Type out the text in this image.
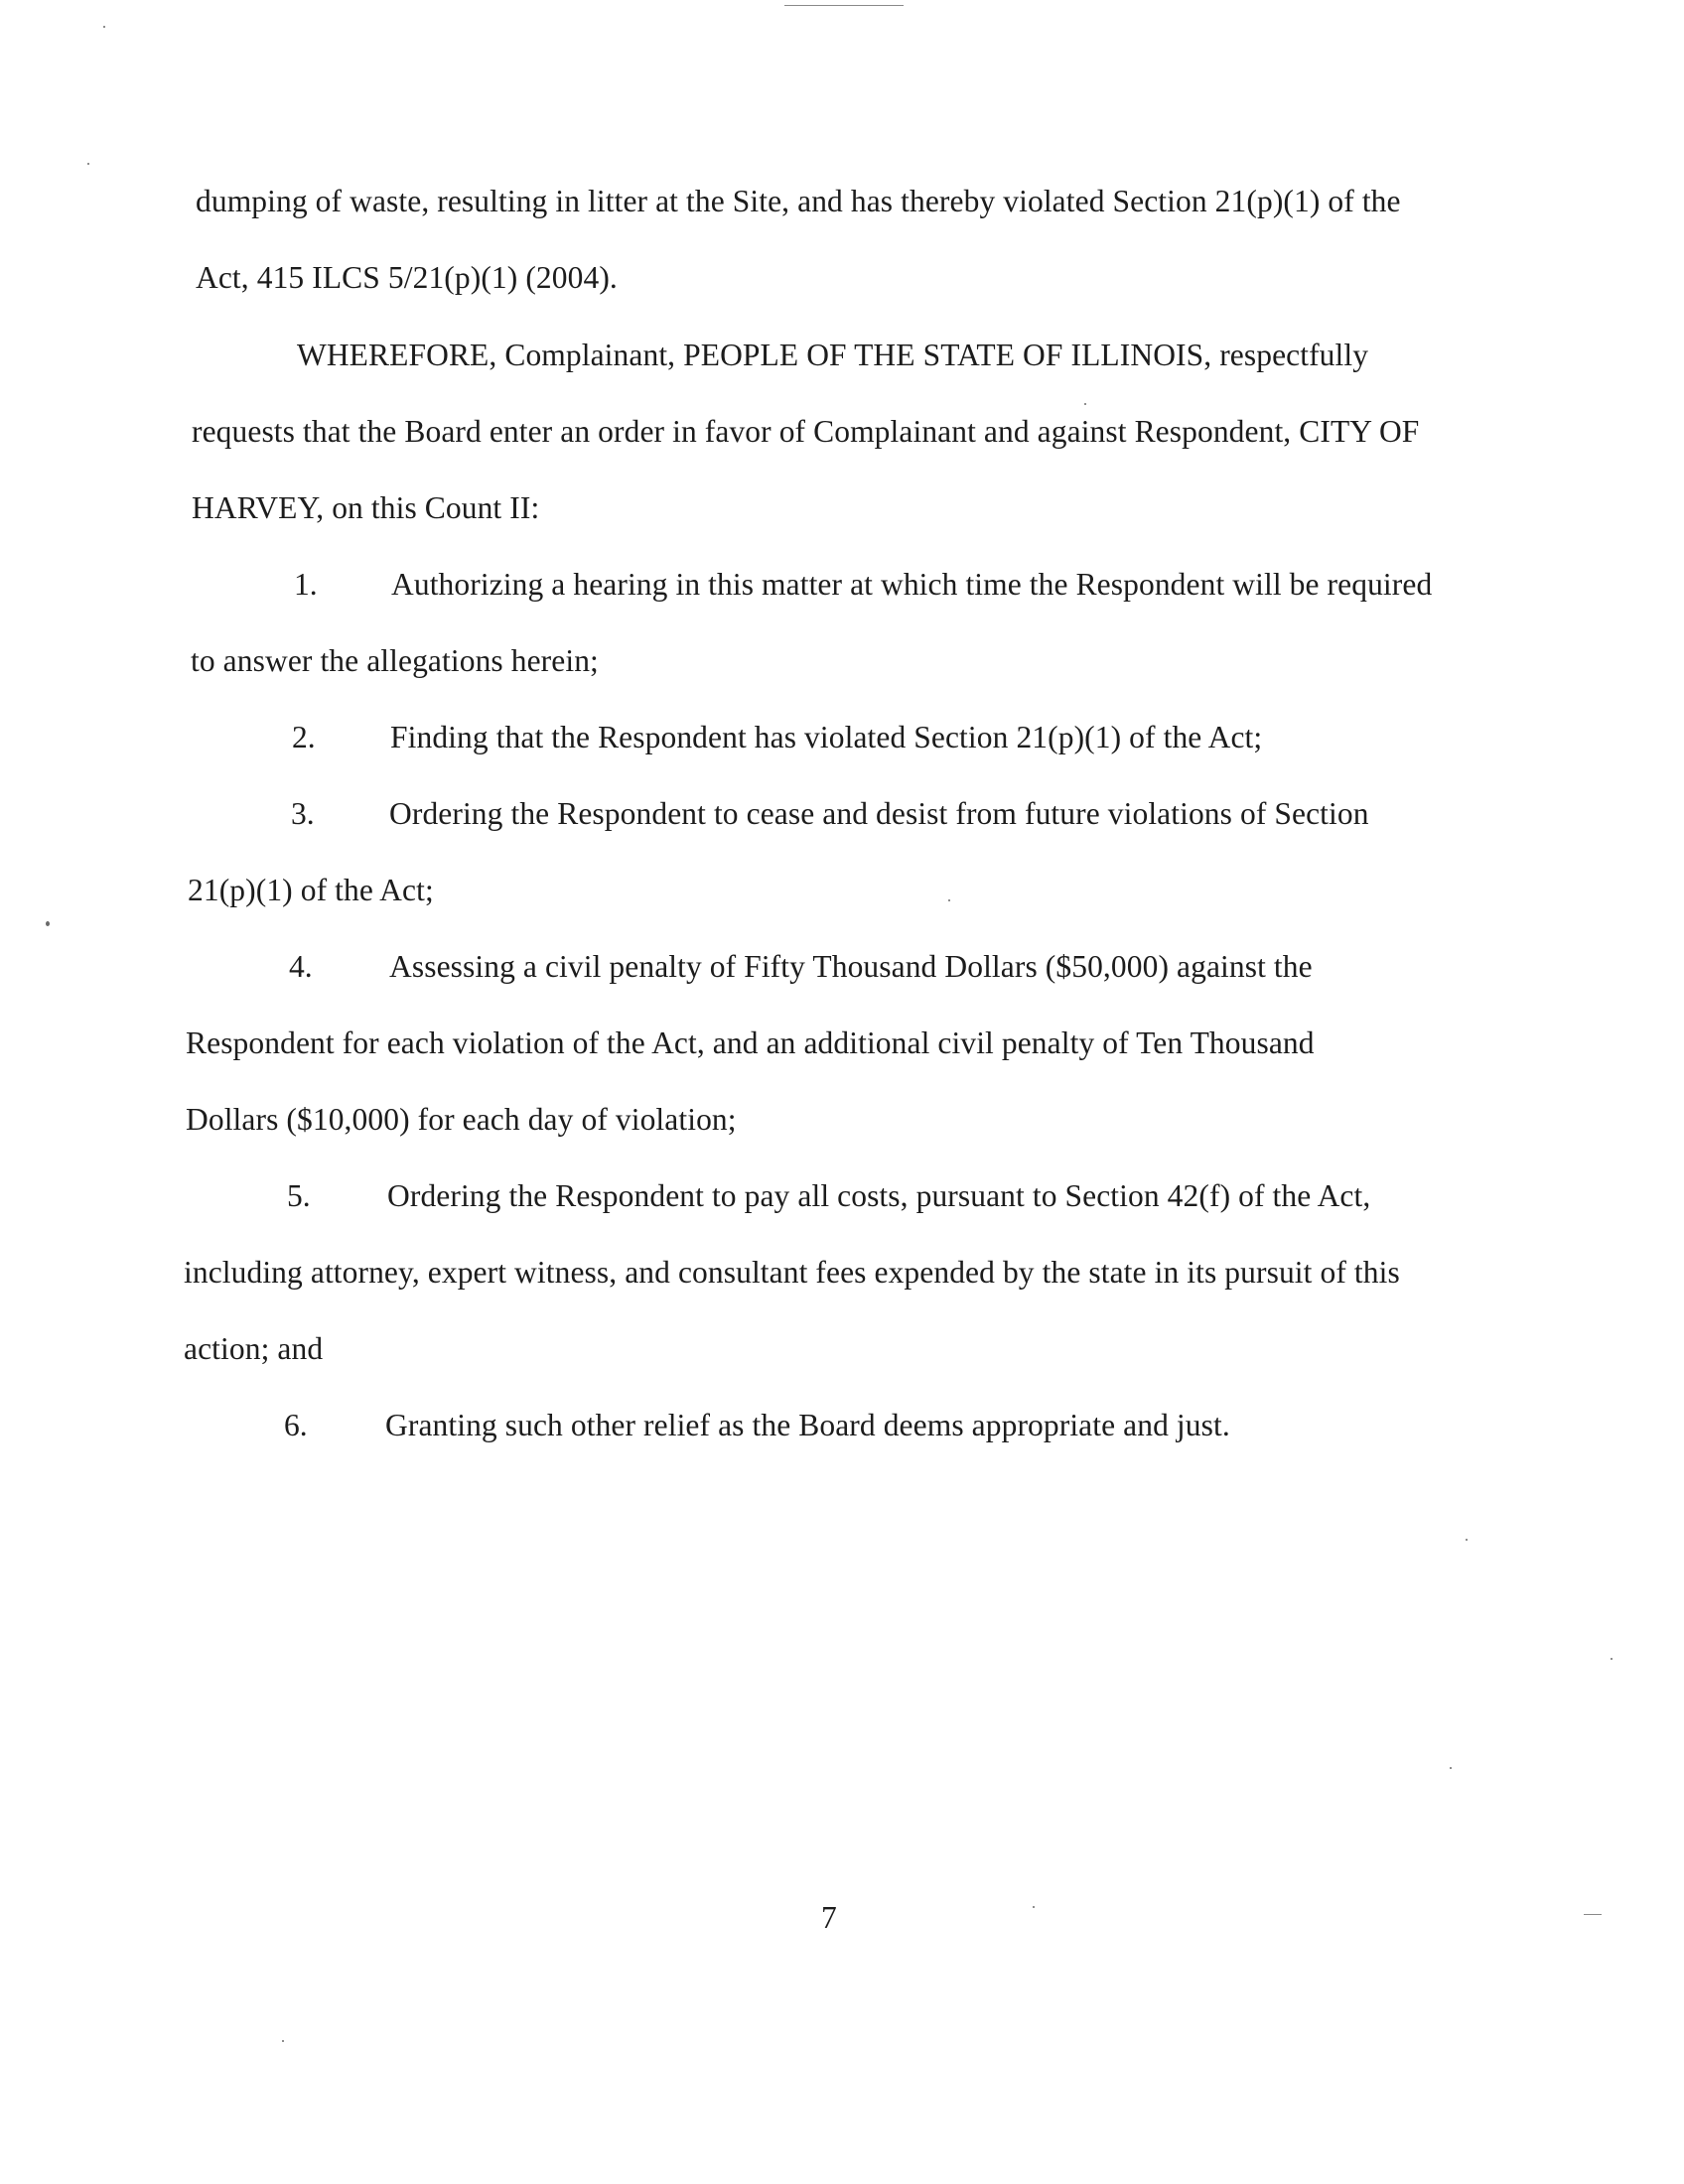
dumping of waste, resulting in litter at the Site, and has thereby violated Section 21(p)(1) of the
Act, 415 ILCS 5/21(p)(1) (2004).
WHEREFORE, Complainant, PEOPLE OF THE STATE OF ILLINOIS, respectfully
requests that the Board enter an order in favor of Complainant and against Respondent, CITY OF
HARVEY, on this Count II:
1. Authorizing a hearing in this matter at which time the Respondent will be required
to answer the allegations herein;
2. Finding that the Respondent has violated Section 21(p)(1) of the Act;
3. Ordering the Respondent to cease and desist from future violations of Section
21(p)(1) of the Act;
4. Assessing a civil penalty of Fifty Thousand Dollars ($50,000) against the
Respondent for each violation of the Act, and an additional civil penalty of Ten Thousand
Dollars ($10,000) for each day of violation;
5. Ordering the Respondent to pay all costs, pursuant to Section 42(f) of the Act,
including attorney, expert witness, and consultant fees expended by the state in its pursuit of this
action; and
6. Granting such other relief as the Board deems appropriate and just.
7
